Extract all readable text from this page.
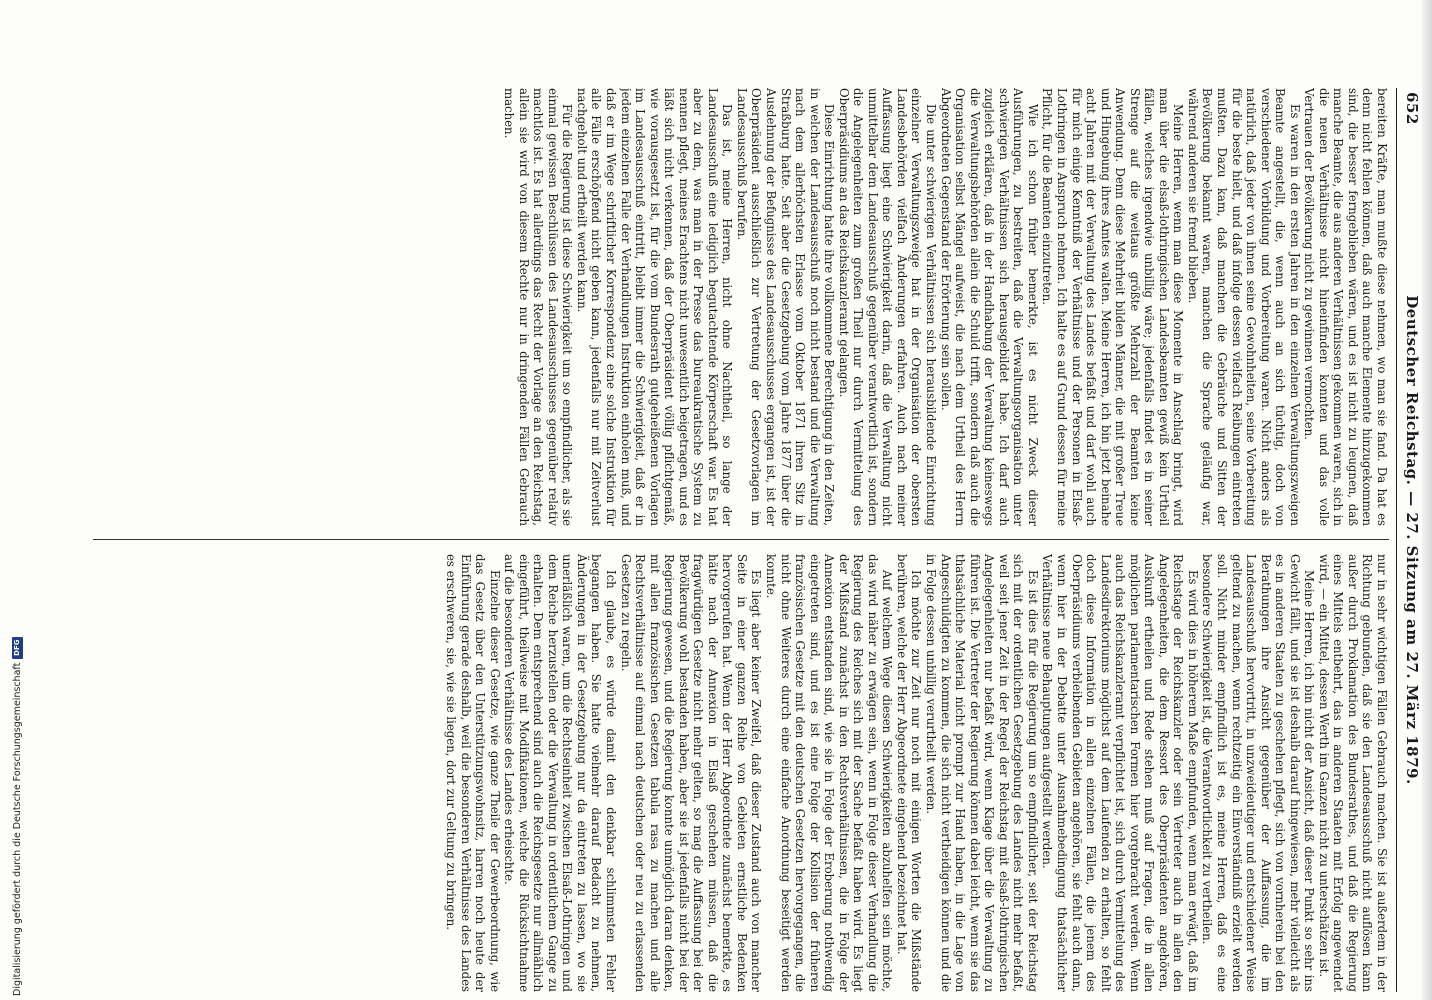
652
Deutscher Reichstag. — 27. Sitzung am 27. März 1879.

bereiten Kräfte, man mußte diese nehmen, wo man sie fand. Da hat es denn nicht fehlen können, daß auch manche Elemente hinzugekommen sind, die besser ferngeblieben wären, und es ist nicht zu leugnen, daß manche Beamte, die aus anderen Verhältnissen gekommen waren, sich in die neuen Verhältnisse nicht hineinfinden konnten und das volle Vertrauen der Bevölkerung nicht zu gewinnen vermochten.

Es waren in den ersten Jahren in den einzelnen Verwaltungszweigen Beamte angestellt, die, wenn auch an sich tüchtig, doch von verschiedener Vorbildung und Vorbereitung waren. Nicht anders als natürlich, daß jeder von ihnen seine Gewohnheiten, seine Vorbereitung für die beste hielt, und daß infolge dessen vielfach Reibungen eintreten mußten. Dazu kam, daß manchen die Gebräuche und Sitten der Bevölkerung bekannt waren, manchen die Sprache geläufig war, während anderen sie fremd blieben.

Meine Herren, wenn man diese Momente in Anschlag bringt, wird man über die elsaß-lothringischen Landesbeamten gewiß kein Urtheil fällen, welches irgendwie unbillig wäre; jedenfalls findet es in seiner Strenge auf die weitaus größte Mehrzahl der Beamten keine Anwendung. Denn diese Mehrheit bilden Männer, die mit großer Treue und Hingebung ihres Amtes walten. Meine Herren, ich bin jetzt beinahe acht Jahren mit der Verwaltung des Landes befaßt und darf wohl auch für mich einige Kenntniß der Verhältnisse und der Personen in Elsaß-Lothringen in Anspruch nehmen. Ich halte es auf Grund dessen für meine Pflicht, für die Beamten einzutreten.

Wie ich schon früher bemerkte, ist es nicht Zweck dieser Ausführungen, zu bestreiten, daß die Verwaltungsorganisation unter schwierigen Verhältnissen sich herausgebildet habe. Ich darf auch zugleich erklären, daß in der Handhabung der Verwaltung keineswegs die Verwaltungsbehörden allein die Schuld trifft, sondern daß auch die Organisation selbst Mängel aufweist, die nach dem Urtheil des Herrn Abgeordneten Gegenstand der Erörterung sein sollen.

Die unter schwierigen Verhältnissen sich herausbildende Einrichtung einzelner Verwaltungszweige hat in der Organisation der obersten Landesbehörden vielfach Änderungen erfahren. Auch nach meiner Auffassung liegt eine Schwierigkeit darin, daß die Verwaltung nicht unmittelbar dem Landesausschuß gegenüber verantwortlich ist, sondern die Angelegenheiten zum großen Theil nur durch Vermittelung des Oberpräsidiums an das Reichskanzleramt gelangen.

Diese Einrichtung hatte ihre vollkommene Berechtigung in den Zeiten, in welchen der Landesausschuß noch nicht bestand und die Verwaltung nach dem allerhöchsten Erlasse vom Oktober 1871 ihren Sitz in Straßburg hatte. Seit aber die Gesetzgebung vom Jahre 1877 über die Ausdehnung der Befugnisse des Landesausschusses ergangen ist, ist der Oberpräsident ausschließlich zur Vertretung der Gesetzvorlagen im Landesausschuß berufen.

Das ist, meine Herren, nicht ohne Nachtheil, so lange der Landesausschuß eine lediglich begutachtende Körperschaft war. Es hat aber zu dem, was man in der Presse das bureaukratische System zu nennen pflegt, meines Erachtens nicht unwesentlich beigetragen, und es läßt sich nicht verkennen, daß der Oberpräsident völlig pflichtgemäß, wie vorausgesetzt ist, für die vom Bundesrath gutgeheißenen Vorlagen im Landesausschuß eintritt, bleibt immer die Schwierigkeit, daß er in jedem einzelnen Falle der Verhandlungen Instruktion einholen muß, und daß er im Wege schriftlicher Korrespondenz eine solche Instruktion für alle Fälle erschöpfend nicht geben kann, jedenfalls nur mit Zeitverlust nachgeholt und ertheilt werden kann.

Für die Regierung ist diese Schwierigkeit um so empfindlicher, als sie einmal gewissen Beschlüssen des Landesausschusses gegenüber relativ machtlos ist. Es hat allerdings das Recht der Vorlage an den Reichstag, allein sie wird von diesem Rechte nur in dringenden Fällen Gebrauch machen.

nur in sehr wichtigen Fällen Gebrauch machen. Sie ist außerdem in der Richtung gebunden, daß sie den Landesausschuß nicht auflösen kann außer durch Proklamation des Bundesrathes, und daß die Regierung eines Mittels entbehrt, das in anderen Staaten mit Erfolg angewendet wird, — ein Mittel, dessen Werth im Ganzen nicht zu unterschätzen ist.

Meine Herren, ich bin nicht der Ansicht, daß dieser Punkt so sehr ins Gewicht fällt, und sie ist deshalb darauf hingewiesen, mehr vielleicht als es in anderen Staaten zu geschehen pflegt, sich von vornherein bei den Berathungen ihre Ansicht gegenüber der Auffassung, die im Landesausschuß hervortritt, in unzweideutiger und entschiedener Weise geltend zu machen, wenn rechtzeitig ein Einverständniß erzielt werden soll. Nicht minder empfindlich ist es, meine Herren, daß es eine besondere Schwierigkeit ist, die Verantwortlichkeit zu vertheilen.

Es wird dies in höherem Maße empfunden, wenn man erwägt, daß im Reichstage der Reichskanzler oder sein Vertreter auch in allen den Angelegenheiten, die dem Ressort des Oberpräsidenten angehören, Auskunft ertheilen und Rede stehen muß auf Fragen, die in allen möglichen parlamentarischen Formen hier vorgebracht werden. Wenn auch das Reichskanzleramt verpflichtet ist, sich durch Vermittelung des Landesdirektoriums möglichst auf dem Laufenden zu erhalten, so fehlt doch diese Information in allen einzelnen Fällen, die jenem des Oberpräsidiums verbleibenden Gebieten angehören, sie fehlt auch dann, wenn hier in der Debatte unter Ausnahmebedingung thatsächlicher Verhältnisse neue Behauptungen aufgestellt werden.

Es ist dies für die Regierung um so empfindlicher, seit der Reichstag sich mit der ordentlichen Gesetzgebung des Landes nicht mehr befaßt, weil seit jener Zeit in der Regel der Reichstag mit elsaß-lothringischen Angelegenheiten nur befaßt wird, wenn Klage über die Verwaltung zu führen ist. Die Vertreter der Regierung können dabei leicht, wenn sie das thatsächliche Material nicht prompt zur Hand haben, in die Lage von Angeschuldigten zu kommen, die sich nicht vertheidigen können und die in Folge dessen unbillig verurtheilt werden.

Ich möchte zur Zeit nur noch mit einigen Worten die Mißstände berühren, welche der Herr Abgeordnete eingehend bezeichnet hat.

Auf welchem Wege diesen Schwierigkeiten abzuhelfen sein möchte, das wird näher zu erwägen sein, wenn in Folge dieser Verhandlung die Regierung des Reiches sich mit der Sache befaßt haben wird. Es liegt der Mißstand zunächst in den Rechtsverhältnissen, die in Folge der Annexion entstanden sind, wie sie in Folge der Eroberung nothwendig eingetreten sind, und es ist eine Folge der Kollision der früheren französischen Gesetze mit den deutschen Gesetzen hervorgegangen, die nicht ohne Weiteres durch eine einfache Anordnung beseitigt werden konnte.

Es liegt aber keiner Zweifel, daß dieser Zustand auch von mancher Seite in einer ganzen Reihe von Gebieten ernstliche Bedenken hervorgerufen hat. Wenn der Herr Abgeordnete zunächst bemerkte, es hätte nach der Annexion in Elsaß geschehen müssen, daß die fragwürdigen Gesetze nicht mehr gelten, so mag die Auffassung bei der Bevölkerung wohl bestanden haben, aber sie ist jedenfalls nicht bei der Regierung gewesen, und die Regierung konnte unmöglich daran denken, mit allen französischen Gesetzen tabula rasa zu machen und alle Rechtsverhältnisse auf einmal nach deutschen oder neu zu erlassenden Gesetzen zu regeln.

Ich glaube, es würde damit den denkbar schlimmsten Fehler begangen haben. Sie hatte vielmehr darauf Bedacht zu nehmen, Änderungen in der Gesetzgebung nur da eintreten zu lassen, wo sie unerläßlich waren, um die Rechtseinheit zwischen Elsaß-Lothringen und dem Reiche herzustellen oder die Verwaltung in ordentlichem Gange zu erhalten. Dem entsprechend sind auch die Reichsgesetze nur allmählich eingeführt, theilweise mit Modifikationen, welche die Rücksichtnahme auf die besonderen Verhältnisse des Landes erheischte.

Einzelne dieser Gesetze, wie ganze Theile der Gewerbeordnung, wie das Gesetz über den Unterstützungswohnsitz, harren noch heute der Einführung gerade deshalb, weil die besonderen Verhältnisse des Landes es erschweren, sie, wie sie liegen, dort zur Geltung zu bringen.

Digitalisierung gefördert durch die Deutsche Forschungsgemeinschaft
DFG
